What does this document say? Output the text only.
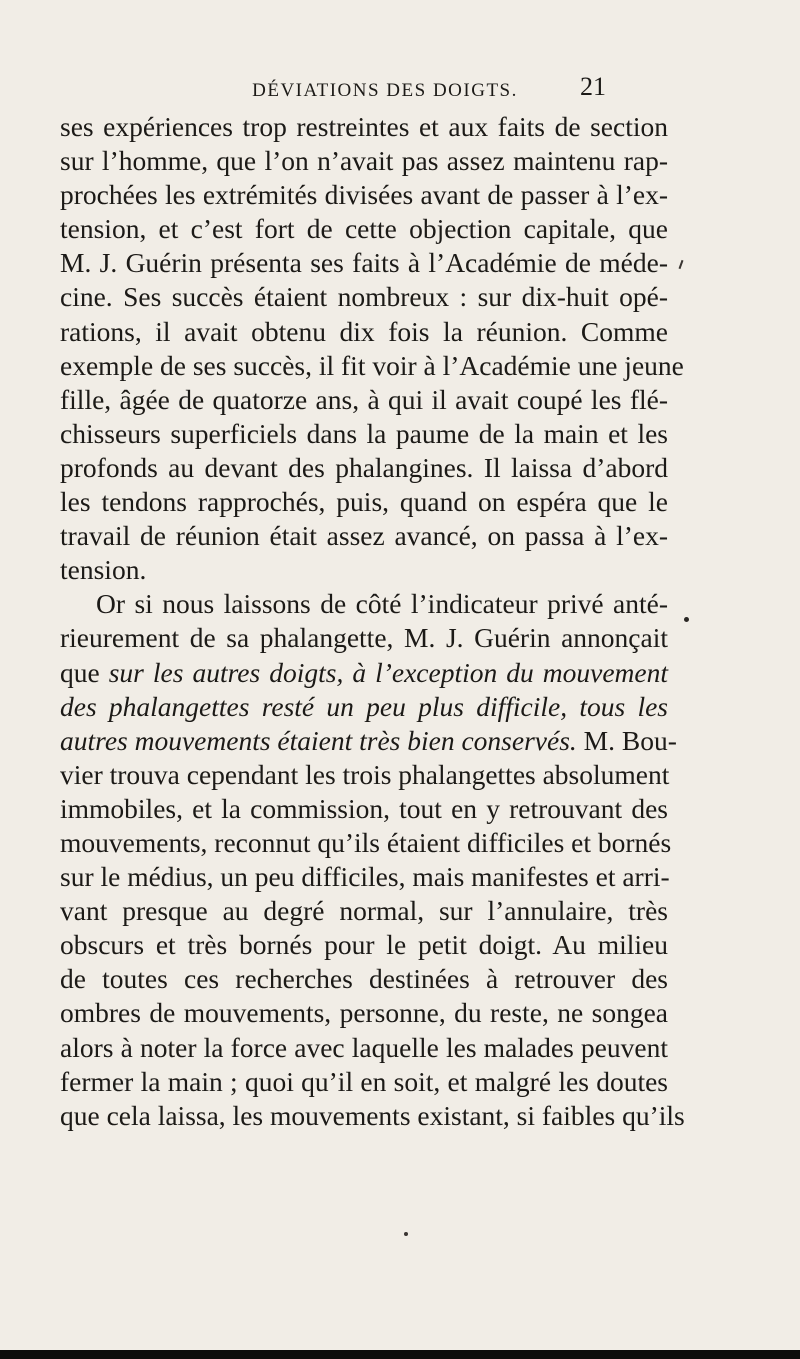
DÉVIATIONS DES DOIGTS.	21
ses expériences trop restreintes et aux faits de section
sur l’homme, que l’on n’avait pas assez maintenu rap-
prochées les extrémités divisées avant de passer à l’ex-
tension, et c’est fort de cette objection capitale, que
M. J. Guérin présenta ses faits à l’Académie de méde-
cine. Ses succès étaient nombreux : sur dix-huit opé-
rations, il avait obtenu dix fois la réunion. Comme
exemple de ses succès, il fit voir à l’Académie une jeune
fille, âgée de quatorze ans, à qui il avait coupé les flé-
chisseurs superficiels dans la paume de la main et les
profonds au devant des phalangines. Il laissa d’abord
les tendons rapprochés, puis, quand on espéra que le
travail de réunion était assez avancé, on passa à l’ex-
tension.
Or si nous laissons de côté l’indicateur privé anté-
rieurement de sa phalangette, M. J. Guérin annonçait
que sur les autres doigts, à l’exception du mouvement
des phalangettes resté un peu plus difficile, tous les
autres mouvements étaient très bien conservés. M. Bou-
vier trouva cependant les trois phalangettes absolument
immobiles, et la commission, tout en y retrouvant des
mouvements, reconnut qu’ils étaient difficiles et bornés
sur le médius, un peu difficiles, mais manifestes et arri-
vant presque au degré normal, sur l’annulaire, très
obscurs et très bornés pour le petit doigt. Au milieu
de toutes ces recherches destinées à retrouver des
ombres de mouvements, personne, du reste, ne songea
alors à noter la force avec laquelle les malades peuvent
fermer la main ; quoi qu’il en soit, et malgré les doutes
que cela laissa, les mouvements existant, si faibles qu’ils
